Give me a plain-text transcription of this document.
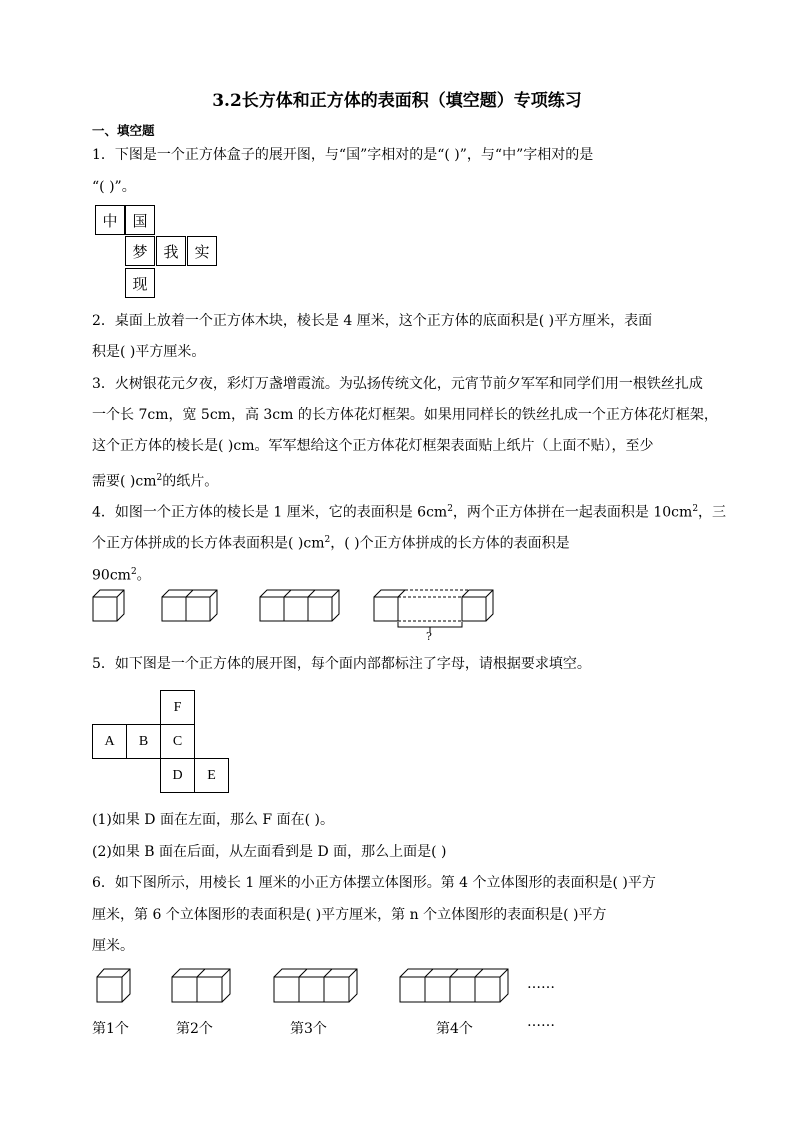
3.2长方体和正方体的表面积（填空题）专项练习
一、填空题
1．下图是一个正方体盒子的展开图，与“国”字相对的是“( )”，与“中”字相对的是
“( )”。
中 国
梦	我	实
现
2．桌面上放着一个正方体木块，棱长是 4 厘米，这个正方体的底面积是( )平方厘米，表面
积是( )平方厘米。
3．火树银花元夕夜，彩灯万盏增霞流。为弘扬传统文化，元宵节前夕军军和同学们用一根铁丝扎成
一个长 7cm，宽 5cm，高 3cm 的长方体花灯框架。如果用同样长的铁丝扎成一个正方体花灯框架，
这个正方体的棱长是( )cm。军军想给这个正方体花灯框架表面贴上纸片（上面不贴），至少
需要( )$cm^2$的纸片。
4．如图一个正方体的棱长是 1 厘米，它的表面积是 $6cm^2$，两个正方体拼在一起表面积是 $10cm^2$，三
个正方体拼成的长方体表面积是( )$cm^2$，( )个正方体拼成的长方体的表面积是
$90cm^2$。
?
5．如下图是一个正方体的展开图，每个面内部都标注了字母，请根据要求填空。
F
A	B	C
D	E
(1)如果 D 面在左面，那么 F 面在( )。
(2)如果 B 面在后面，从左面看到是 D 面，那么上面是( )
6．如下图所示，用棱长 1 厘米的小正方体摆立体图形。第 4 个立体图形的表面积是( )平方
厘米，第 6 个立体图形的表面积是( )平方厘米，第 n 个立体图形的表面积是( )平方
厘米。
……
第1个	第2个	第3个	第4个	……
